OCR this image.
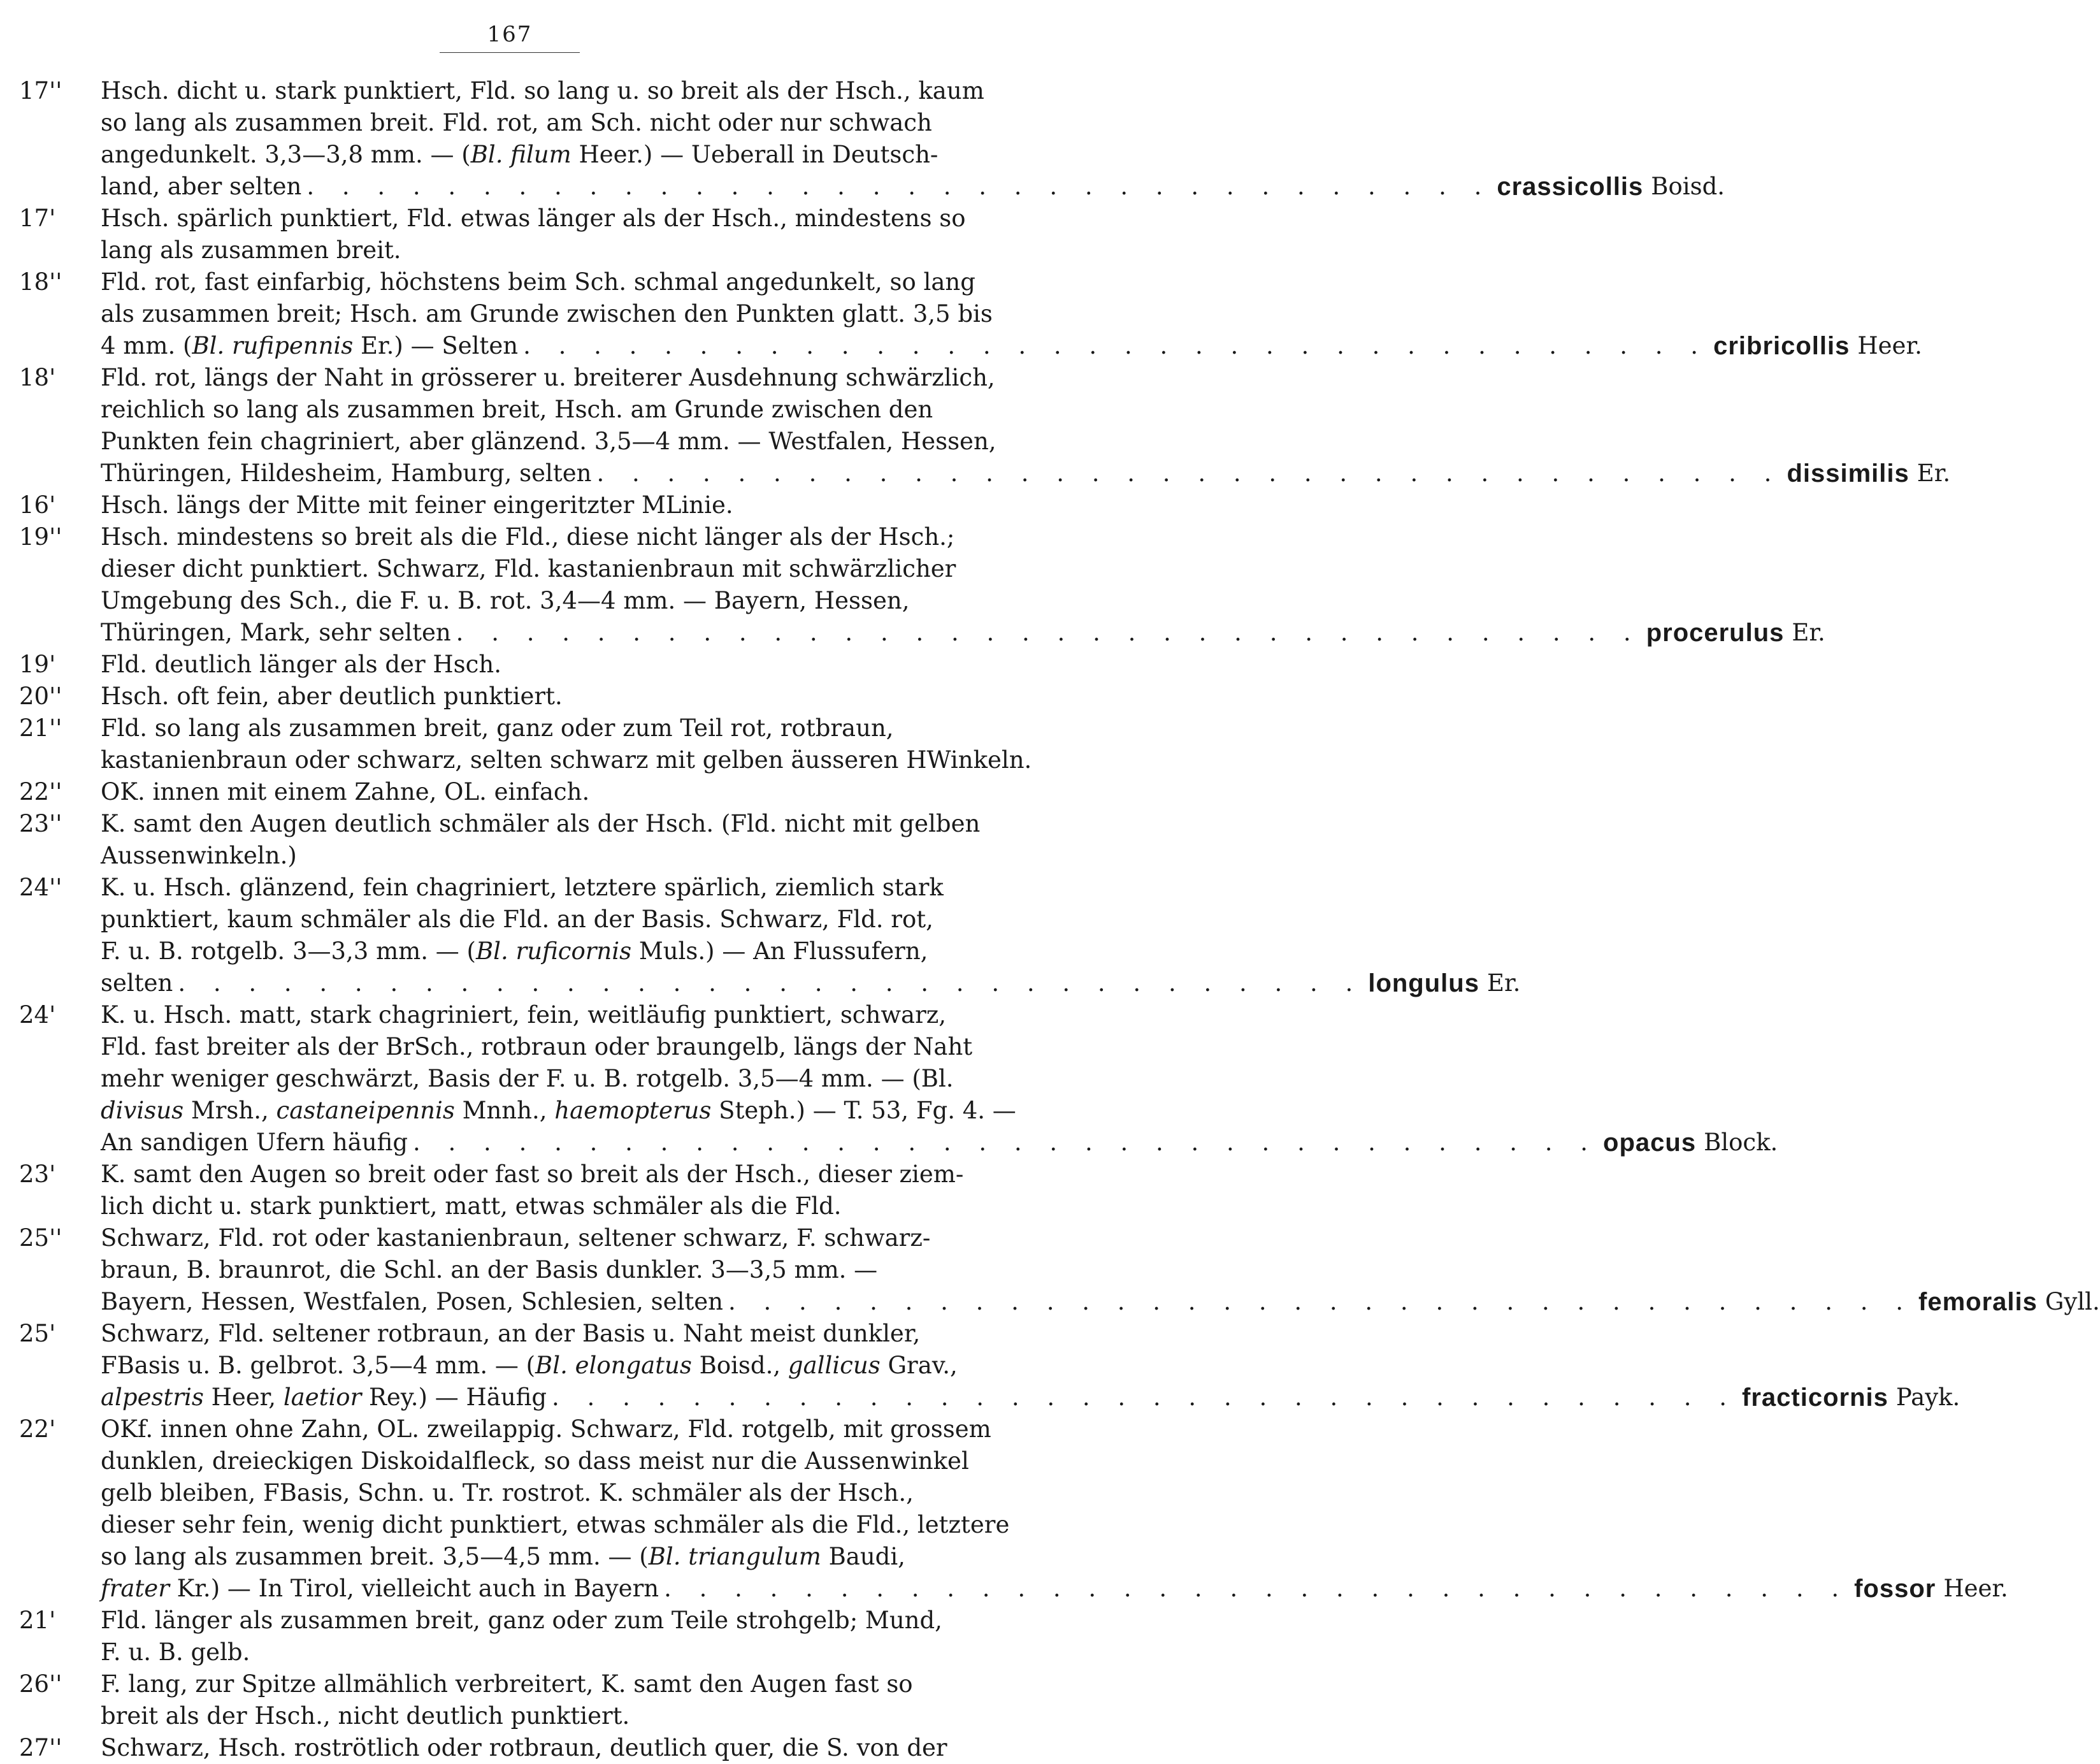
167
17''	Hsch. dicht u. stark punktiert, Fld. so lang u. so breit als der Hsch., kaum
so lang als zusammen breit. Fld. rot, am Sch. nicht oder nur schwach
angedunkelt. 3,3—3,8 mm. — (Bl. filum Heer.) — Ueberall in Deutsch-
land, aber selten . . . . . . . . . . . . . . . . . . . . . . . . . . . . . . . . . . crassicollis Boisd.
17'	Hsch. spärlich punktiert, Fld. etwas länger als der Hsch., mindestens so
lang als zusammen breit.
18''	Fld. rot, fast einfarbig, höchstens beim Sch. schmal angedunkelt, so lang
als zusammen breit; Hsch. am Grunde zwischen den Punkten glatt. 3,5 bis
4 mm. (Bl. rufipennis Er.) — Selten . . . . . . . . . . . . . . . . . . . . . . . . . . . . . . . . . . cribricollis Heer.
18'	Fld. rot, längs der Naht in grösserer u. breiterer Ausdehnung schwärzlich,
reichlich so lang als zusammen breit, Hsch. am Grunde zwischen den
Punkten fein chagriniert, aber glänzend. 3,5—4 mm. — Westfalen, Hessen,
Thüringen, Hildesheim, Hamburg, selten . . . . . . . . . . . . . . . . . . . . . . . . . . . . . . . . . . dissimilis Er.
16'	Hsch. längs der Mitte mit feiner eingeritzter MLinie.
19''	Hsch. mindestens so breit als die Fld., diese nicht länger als der Hsch.;
dieser dicht punktiert. Schwarz, Fld. kastanienbraun mit schwärzlicher
Umgebung des Sch., die F. u. B. rot. 3,4—4 mm. — Bayern, Hessen,
Thüringen, Mark, sehr selten . . . . . . . . . . . . . . . . . . . . . . . . . . . . . . . . . . procerulus Er.
19'	Fld. deutlich länger als der Hsch.
20''	Hsch. oft fein, aber deutlich punktiert.
21''	Fld. so lang als zusammen breit, ganz oder zum Teil rot, rotbraun,
kastanienbraun oder schwarz, selten schwarz mit gelben äusseren HWinkeln.
22''	OK. innen mit einem Zahne, OL. einfach.
23''	K. samt den Augen deutlich schmäler als der Hsch. (Fld. nicht mit gelben
Aussenwinkeln.)
24''	K. u. Hsch. glänzend, fein chagriniert, letztere spärlich, ziemlich stark
punktiert, kaum schmäler als die Fld. an der Basis. Schwarz, Fld. rot,
F. u. B. rotgelb. 3—3,3 mm. — (Bl. ruficornis Muls.) — An Flussufern,
selten . . . . . . . . . . . . . . . . . . . . . . . . . . . . . . . . . . longulus Er.
24'	K. u. Hsch. matt, stark chagriniert, fein, weitläufig punktiert, schwarz,
Fld. fast breiter als der BrSch., rotbraun oder braungelb, längs der Naht
mehr weniger geschwärzt, Basis der F. u. B. rotgelb. 3,5—4 mm. — (Bl.
divisus Mrsh., castaneipennis Mnnh., haemopterus Steph.) — T. 53, Fg. 4. —
An sandigen Ufern häufig . . . . . . . . . . . . . . . . . . . . . . . . . . . . . . . . . . opacus Block.
23'	K. samt den Augen so breit oder fast so breit als der Hsch., dieser ziem-
lich dicht u. stark punktiert, matt, etwas schmäler als die Fld.
25''	Schwarz, Fld. rot oder kastanienbraun, seltener schwarz, F. schwarz-
braun, B. braunrot, die Schl. an der Basis dunkler. 3—3,5 mm. —
Bayern, Hessen, Westfalen, Posen, Schlesien, selten . . . . . . . . . . . . . . . . . . . . . . . . . . . . . . . . . . femoralis Gyll.
25'	Schwarz, Fld. seltener rotbraun, an der Basis u. Naht meist dunkler,
FBasis u. B. gelbrot. 3,5—4 mm. — (Bl. elongatus Boisd., gallicus Grav.,
alpestris Heer, laetior Rey.) — Häufig . . . . . . . . . . . . . . . . . . . . . . . . . . . . . . . . . . fracticornis Payk.
22'	OKf. innen ohne Zahn, OL. zweilappig. Schwarz, Fld. rotgelb, mit grossem
dunklen, dreieckigen Diskoidalfleck, so dass meist nur die Aussenwinkel
gelb bleiben, FBasis, Schn. u. Tr. rostrot. K. schmäler als der Hsch.,
dieser sehr fein, wenig dicht punktiert, etwas schmäler als die Fld., letztere
so lang als zusammen breit. 3,5—4,5 mm. — (Bl. triangulum Baudi,
frater Kr.) — In Tirol, vielleicht auch in Bayern . . . . . . . . . . . . . . . . . . . . . . . . . . . . . . . . . . fossor Heer.
21'	Fld. länger als zusammen breit, ganz oder zum Teile strohgelb; Mund,
F. u. B. gelb.
26''	F. lang, zur Spitze allmählich verbreitert, K. samt den Augen fast so
breit als der Hsch., nicht deutlich punktiert.
27''	Schwarz, Hsch. roströtlich oder rotbraun, deutlich quer, die S. von der
